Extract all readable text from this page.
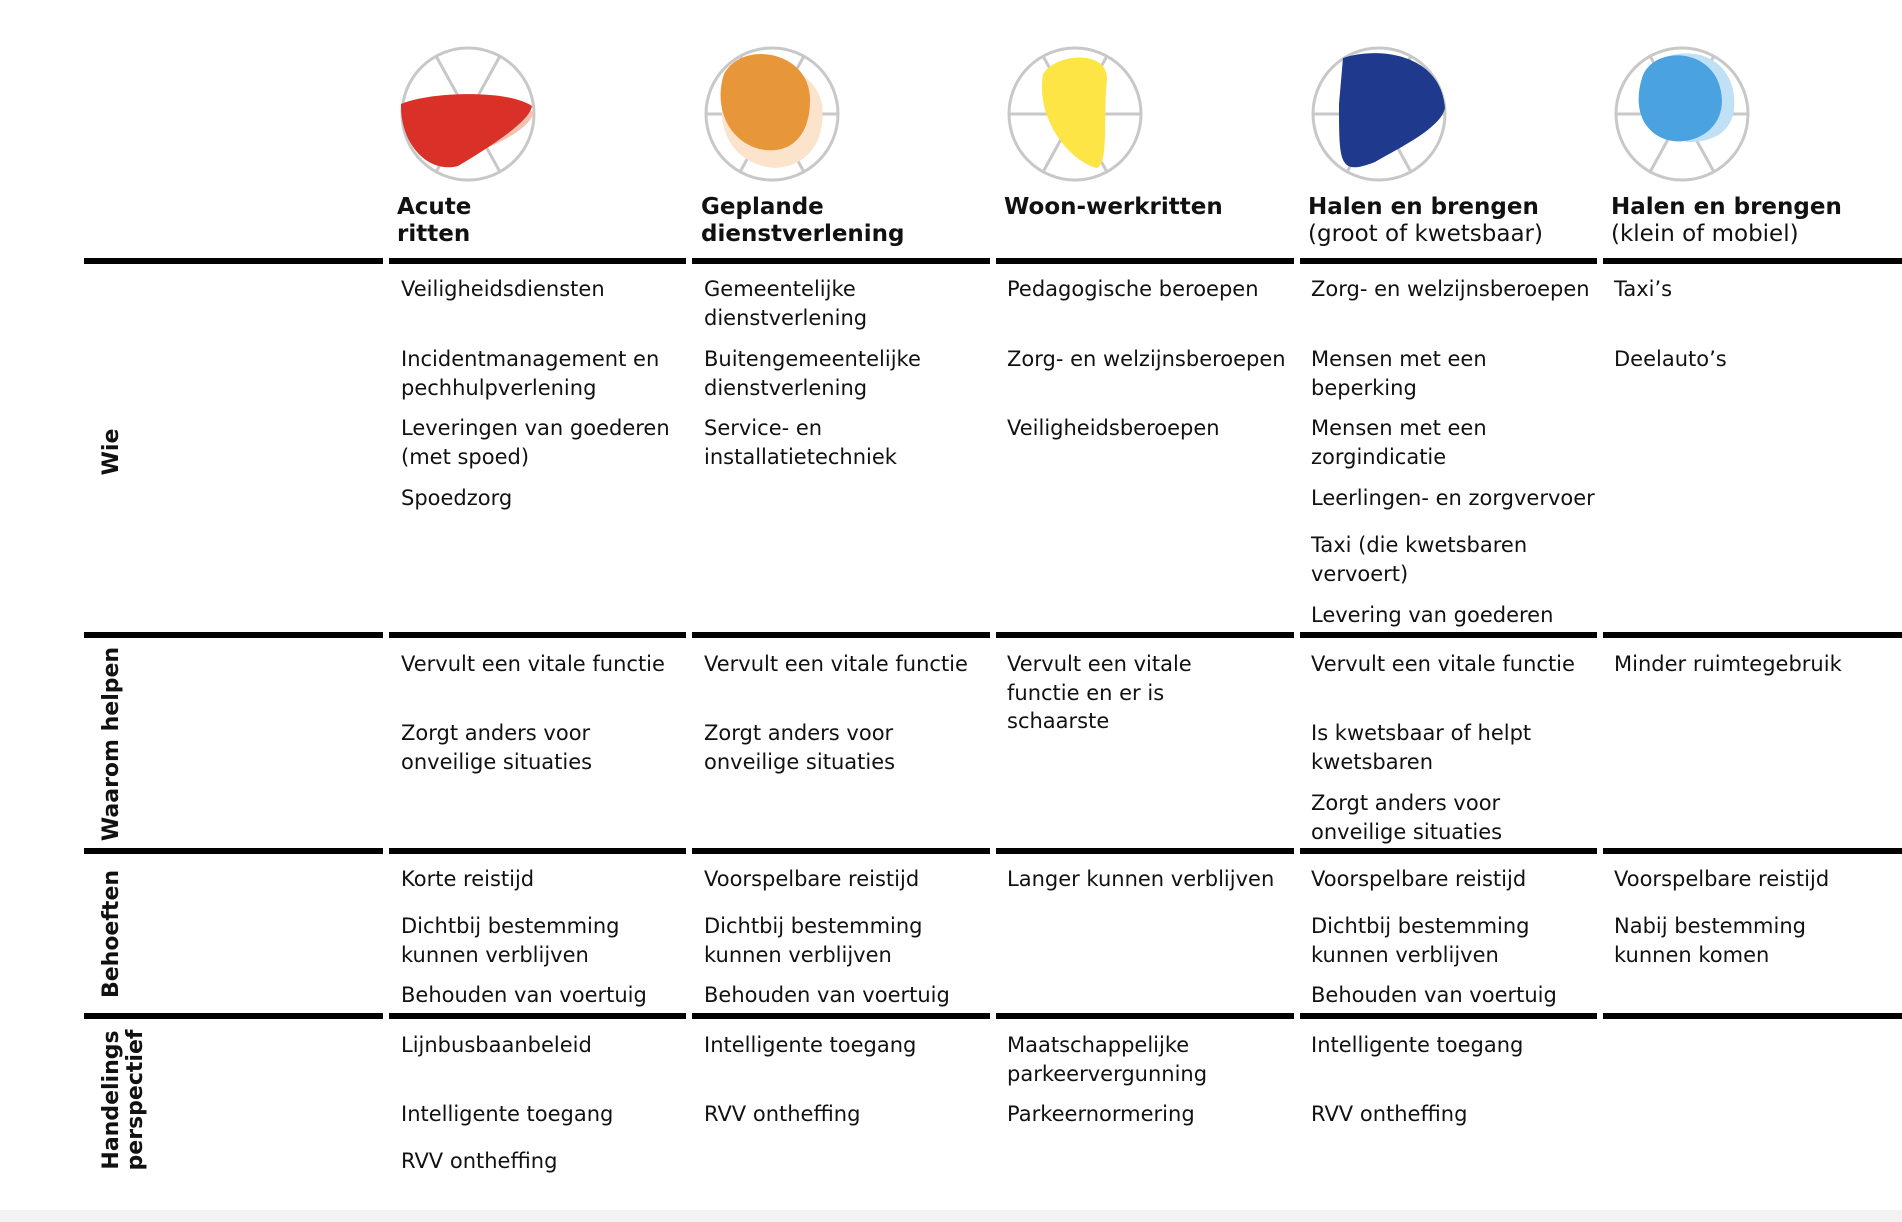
Acute
ritten
Geplande
dienstverlening
Woon-werkritten	Halen en brengen
(groot of kwetsbaar)
Halen en brengen
(klein of mobiel)
Wie
Waarom helpen
Behoeften
Handelings perspectief
Veiligheidsdiensten
Incidentmanagement en pechhulpverlening
Leveringen van goederen (met spoed)
Spoedzorg
Gemeentelijke dienstverlening
Buitengemeentelijke dienstverlening
Service- en installatietechniek
Pedagogische beroepen
Zorg- en welzijnsberoepen
Veiligheidsberoepen
Zorg- en welzijnsberoepen
Mensen met een beperking
Mensen met een zorgindicatie
Leerlingen- en zorgvervoer
Taxi (die kwetsbaren vervoert)
Levering van goederen
Taxi’s
Deelauto’s
Vervult een vitale functie
Zorgt anders voor onveilige situaties
Vervult een vitale functie
Zorgt anders voor onveilige situaties
Vervult een vitale functie en er is schaarste
Vervult een vitale functie
Is kwetsbaar of helpt kwetsbaren
Zorgt anders voor onveilige situaties
Minder ruimtegebruik
Korte reistijd
Dichtbij bestemming kunnen verblijven
Behouden van voertuig
Voorspelbare reistijd
Dichtbij bestemming kunnen verblijven
Behouden van voertuig
Langer kunnen verblijven	Voorspelbare reistijd
Dichtbij bestemming kunnen verblijven
Behouden van voertuig
Voorspelbare reistijd
Nabij bestemming kunnen komen
Lijnbusbaanbeleid
Intelligente toegang
RVV ontheffing
Intelligente toegang
RVV ontheffing
Maatschappelijke parkeervergunning
Parkeernormering
Intelligente toegang
RVV ontheffing
